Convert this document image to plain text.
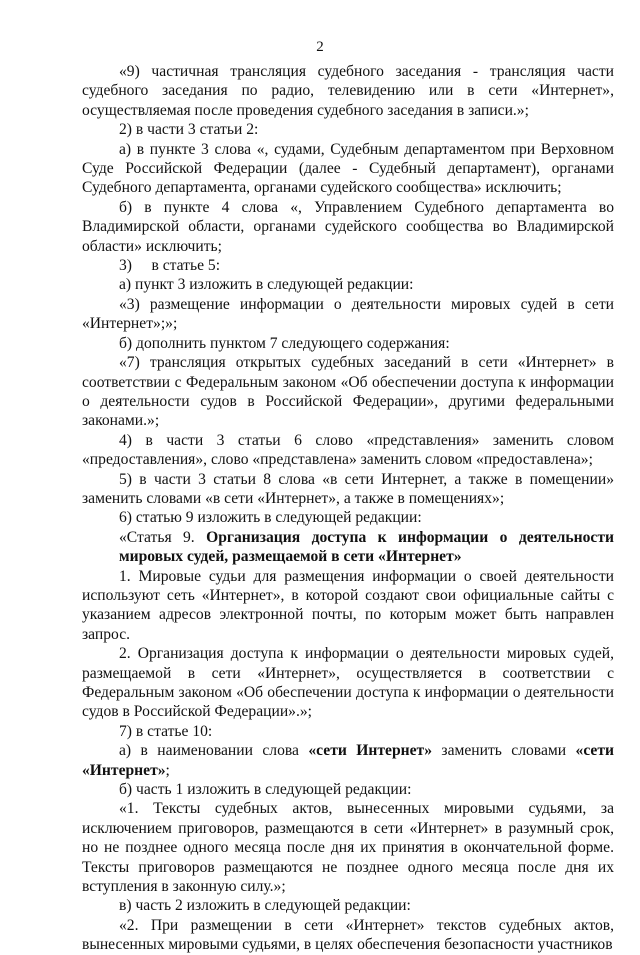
2

«9) частичная трансляция судебного заседания - трансляция части судебного заседания по радио, телевидению или в сети «Интернет», осуществляемая после проведения судебного заседания в записи.»;

2) в части 3 статьи 2:

а) в пункте 3 слова «, судами, Судебным департаментом при Верховном Суде Российской Федерации (далее - Судебный департамент), органами Судебного департамента, органами судейского сообщества» исключить;

б) в пункте 4 слова «, Управлением Судебного департамента во Владимирской области, органами судейского сообщества во Владимирской области» исключить;

3)     в статье 5:

а) пункт 3 изложить в следующей редакции:

«3) размещение информации о деятельности мировых судей в сети «Интернет»;»;

б) дополнить пунктом 7 следующего содержания:

«7) трансляция открытых судебных заседаний в сети «Интернет» в соответствии с Федеральным законом «Об обеспечении доступа к информации о деятельности судов в Российской Федерации», другими федеральными законами.»;

4) в части 3 статьи 6 слово «представления» заменить словом «предоставления», слово «представлена» заменить словом «предоставлена»;

5) в части 3 статьи 8 слова «в сети Интернет, а также в помещении» заменить словами «в сети «Интернет», а также в помещениях»;

6) статью 9 изложить в следующей редакции:

«Статья 9. Организация доступа к информации о деятельности

мировых судей, размещаемой в сети «Интернет»

1. Мировые судьи для размещения информации о своей деятельности используют сеть «Интернет», в которой создают свои официальные сайты с указанием адресов электронной почты, по которым может быть направлен запрос.

2. Организация доступа к информации о деятельности мировых судей, размещаемой в сети «Интернет», осуществляется в соответствии с Федеральным законом «Об обеспечении доступа к информации о деятельности судов в Российской Федерации».»;

7) в статье 10:

а) в наименовании слова «сети Интернет» заменить словами «сети «Интернет»;

б) часть 1 изложить в следующей редакции:

«1. Тексты судебных актов, вынесенных мировыми судьями, за исключением приговоров, размещаются в сети «Интернет» в разумный срок, но не позднее одного месяца после дня их принятия в окончательной форме. Тексты приговоров размещаются не позднее одного месяца после дня их вступления в законную силу.»;

в) часть 2 изложить в следующей редакции:

«2. При размещении в сети «Интернет» текстов судебных актов, вынесенных мировыми судьями, в целях обеспечения безопасности участников
